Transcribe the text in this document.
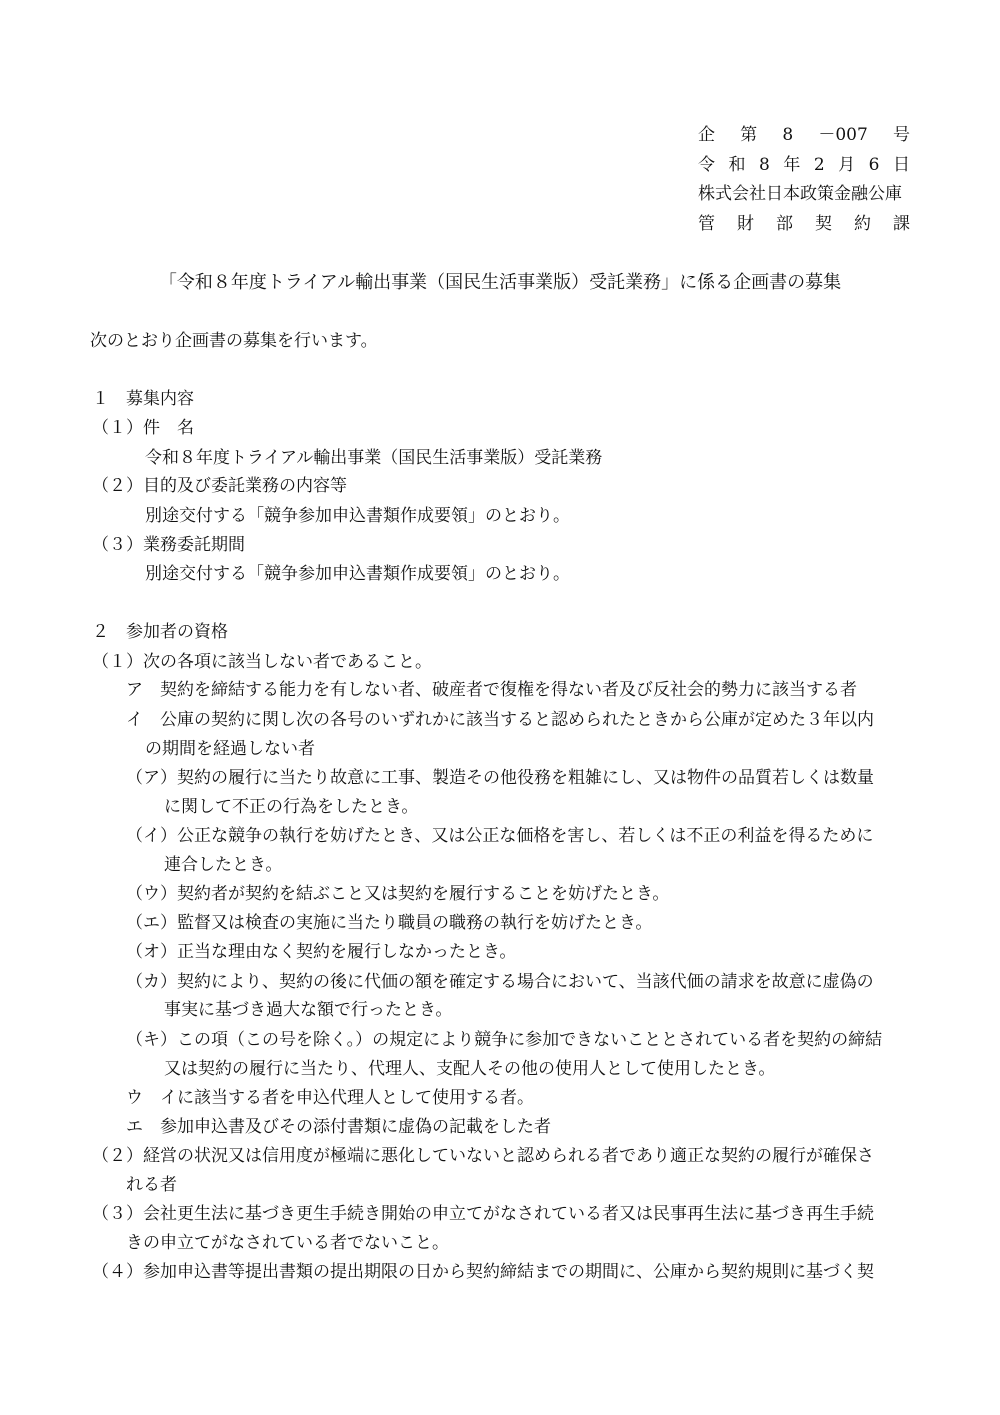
企 第 8 －007 号
令 和 8 年 2 月 6 日
株式会社日本政策金融公庫
管 財 部 契 約 課
「令和８年度トライアル輸出事業（国民生活事業版）受託業務」に係る企画書の募集
次のとおり企画書の募集を行います。
１　募集内容
（１）件　名
令和８年度トライアル輸出事業（国民生活事業版）受託業務
（２）目的及び委託業務の内容等
別途交付する「競争参加申込書類作成要領」のとおり。
（３）業務委託期間
別途交付する「競争参加申込書類作成要領」のとおり。
２　参加者の資格
（１）次の各項に該当しない者であること。
ア　契約を締結する能力を有しない者、破産者で復権を得ない者及び反社会的勢力に該当する者
イ　公庫の契約に関し次の各号のいずれかに該当すると認められたときから公庫が定めた３年以内
の期間を経過しない者
（ア）契約の履行に当たり故意に工事、製造その他役務を粗雑にし、又は物件の品質若しくは数量
に関して不正の行為をしたとき。
（イ）公正な競争の執行を妨げたとき、又は公正な価格を害し、若しくは不正の利益を得るために
連合したとき。
（ウ）契約者が契約を結ぶこと又は契約を履行することを妨げたとき。
（エ）監督又は検査の実施に当たり職員の職務の執行を妨げたとき。
（オ）正当な理由なく契約を履行しなかったとき。
（カ）契約により、契約の後に代価の額を確定する場合において、当該代価の請求を故意に虚偽の
事実に基づき過大な額で行ったとき。
（キ）この項（この号を除く。）の規定により競争に参加できないこととされている者を契約の締結
又は契約の履行に当たり、代理人、支配人その他の使用人として使用したとき。
ウ　イに該当する者を申込代理人として使用する者。
エ　参加申込書及びその添付書類に虚偽の記載をした者
（２）経営の状況又は信用度が極端に悪化していないと認められる者であり適正な契約の履行が確保さ
れる者
（３）会社更生法に基づき更生手続き開始の申立てがなされている者又は民事再生法に基づき再生手続
きの申立てがなされている者でないこと。
（４）参加申込書等提出書類の提出期限の日から契約締結までの期間に、公庫から契約規則に基づく契
